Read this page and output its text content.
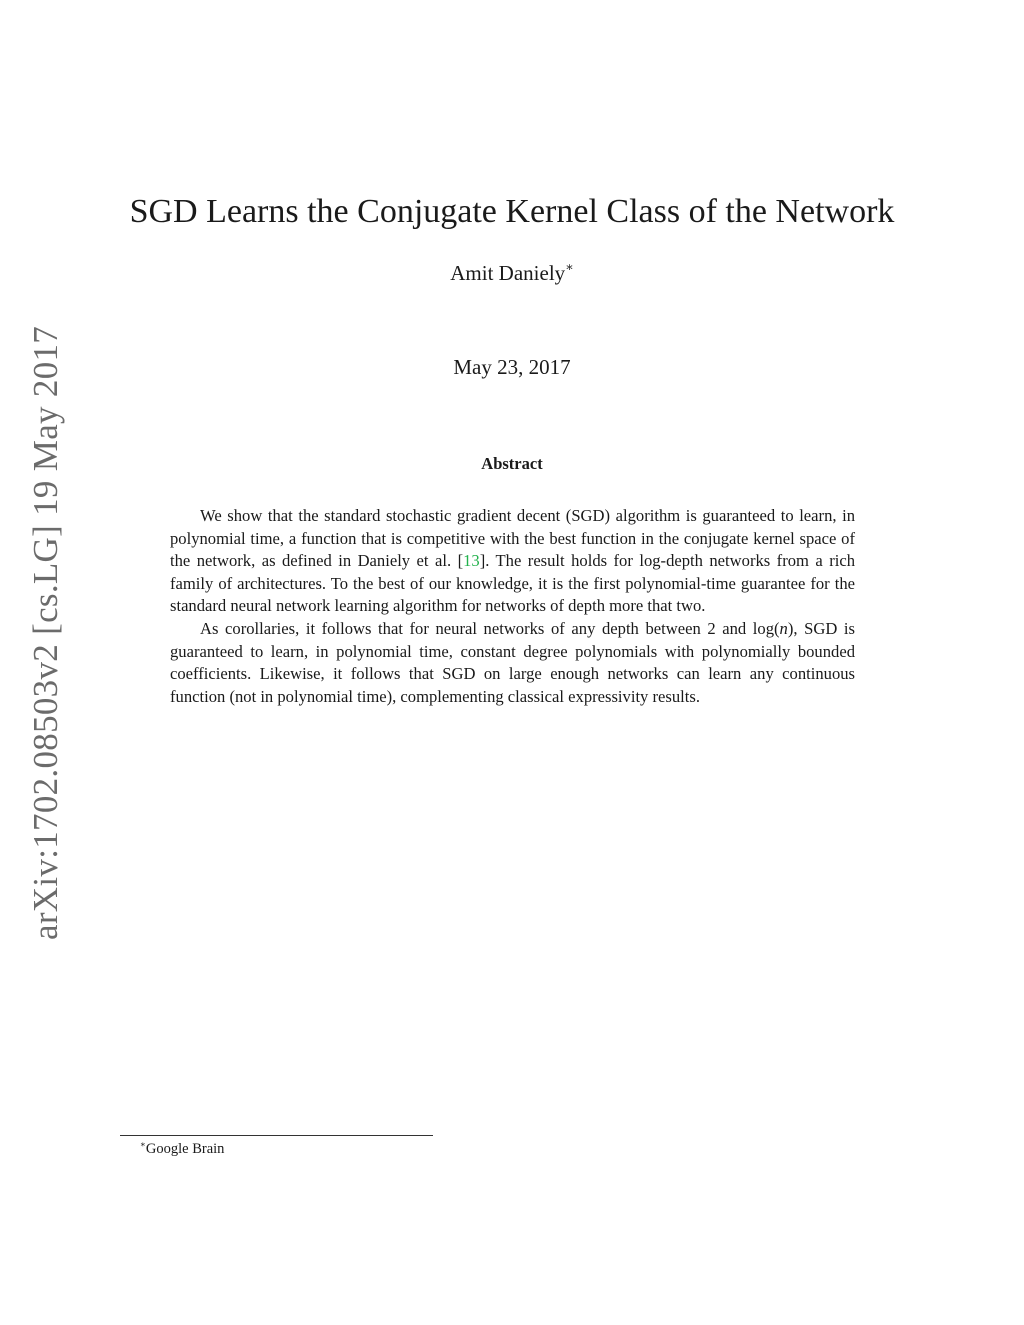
arXiv:1702.08503v2 [cs.LG] 19 May 2017
SGD Learns the Conjugate Kernel Class of the Network
Amit Daniely∗
May 23, 2017
Abstract

We show that the standard stochastic gradient decent (SGD) algorithm is guaranteed to learn, in polynomial time, a function that is competitive with the best function in the conjugate kernel space of the network, as defined in Daniely et al. [13]. The result holds for log-depth networks from a rich family of architectures. To the best of our knowledge, it is the first polynomial-time guarantee for the standard neural network learning algorithm for networks of depth more that two.

As corollaries, it follows that for neural networks of any depth between 2 and log(n), SGD is guaranteed to learn, in polynomial time, constant degree polynomials with polynomially bounded coefficients. Likewise, it follows that SGD on large enough networks can learn any continuous function (not in polynomial time), complementing classical expressivity results.

∗Google Brain
